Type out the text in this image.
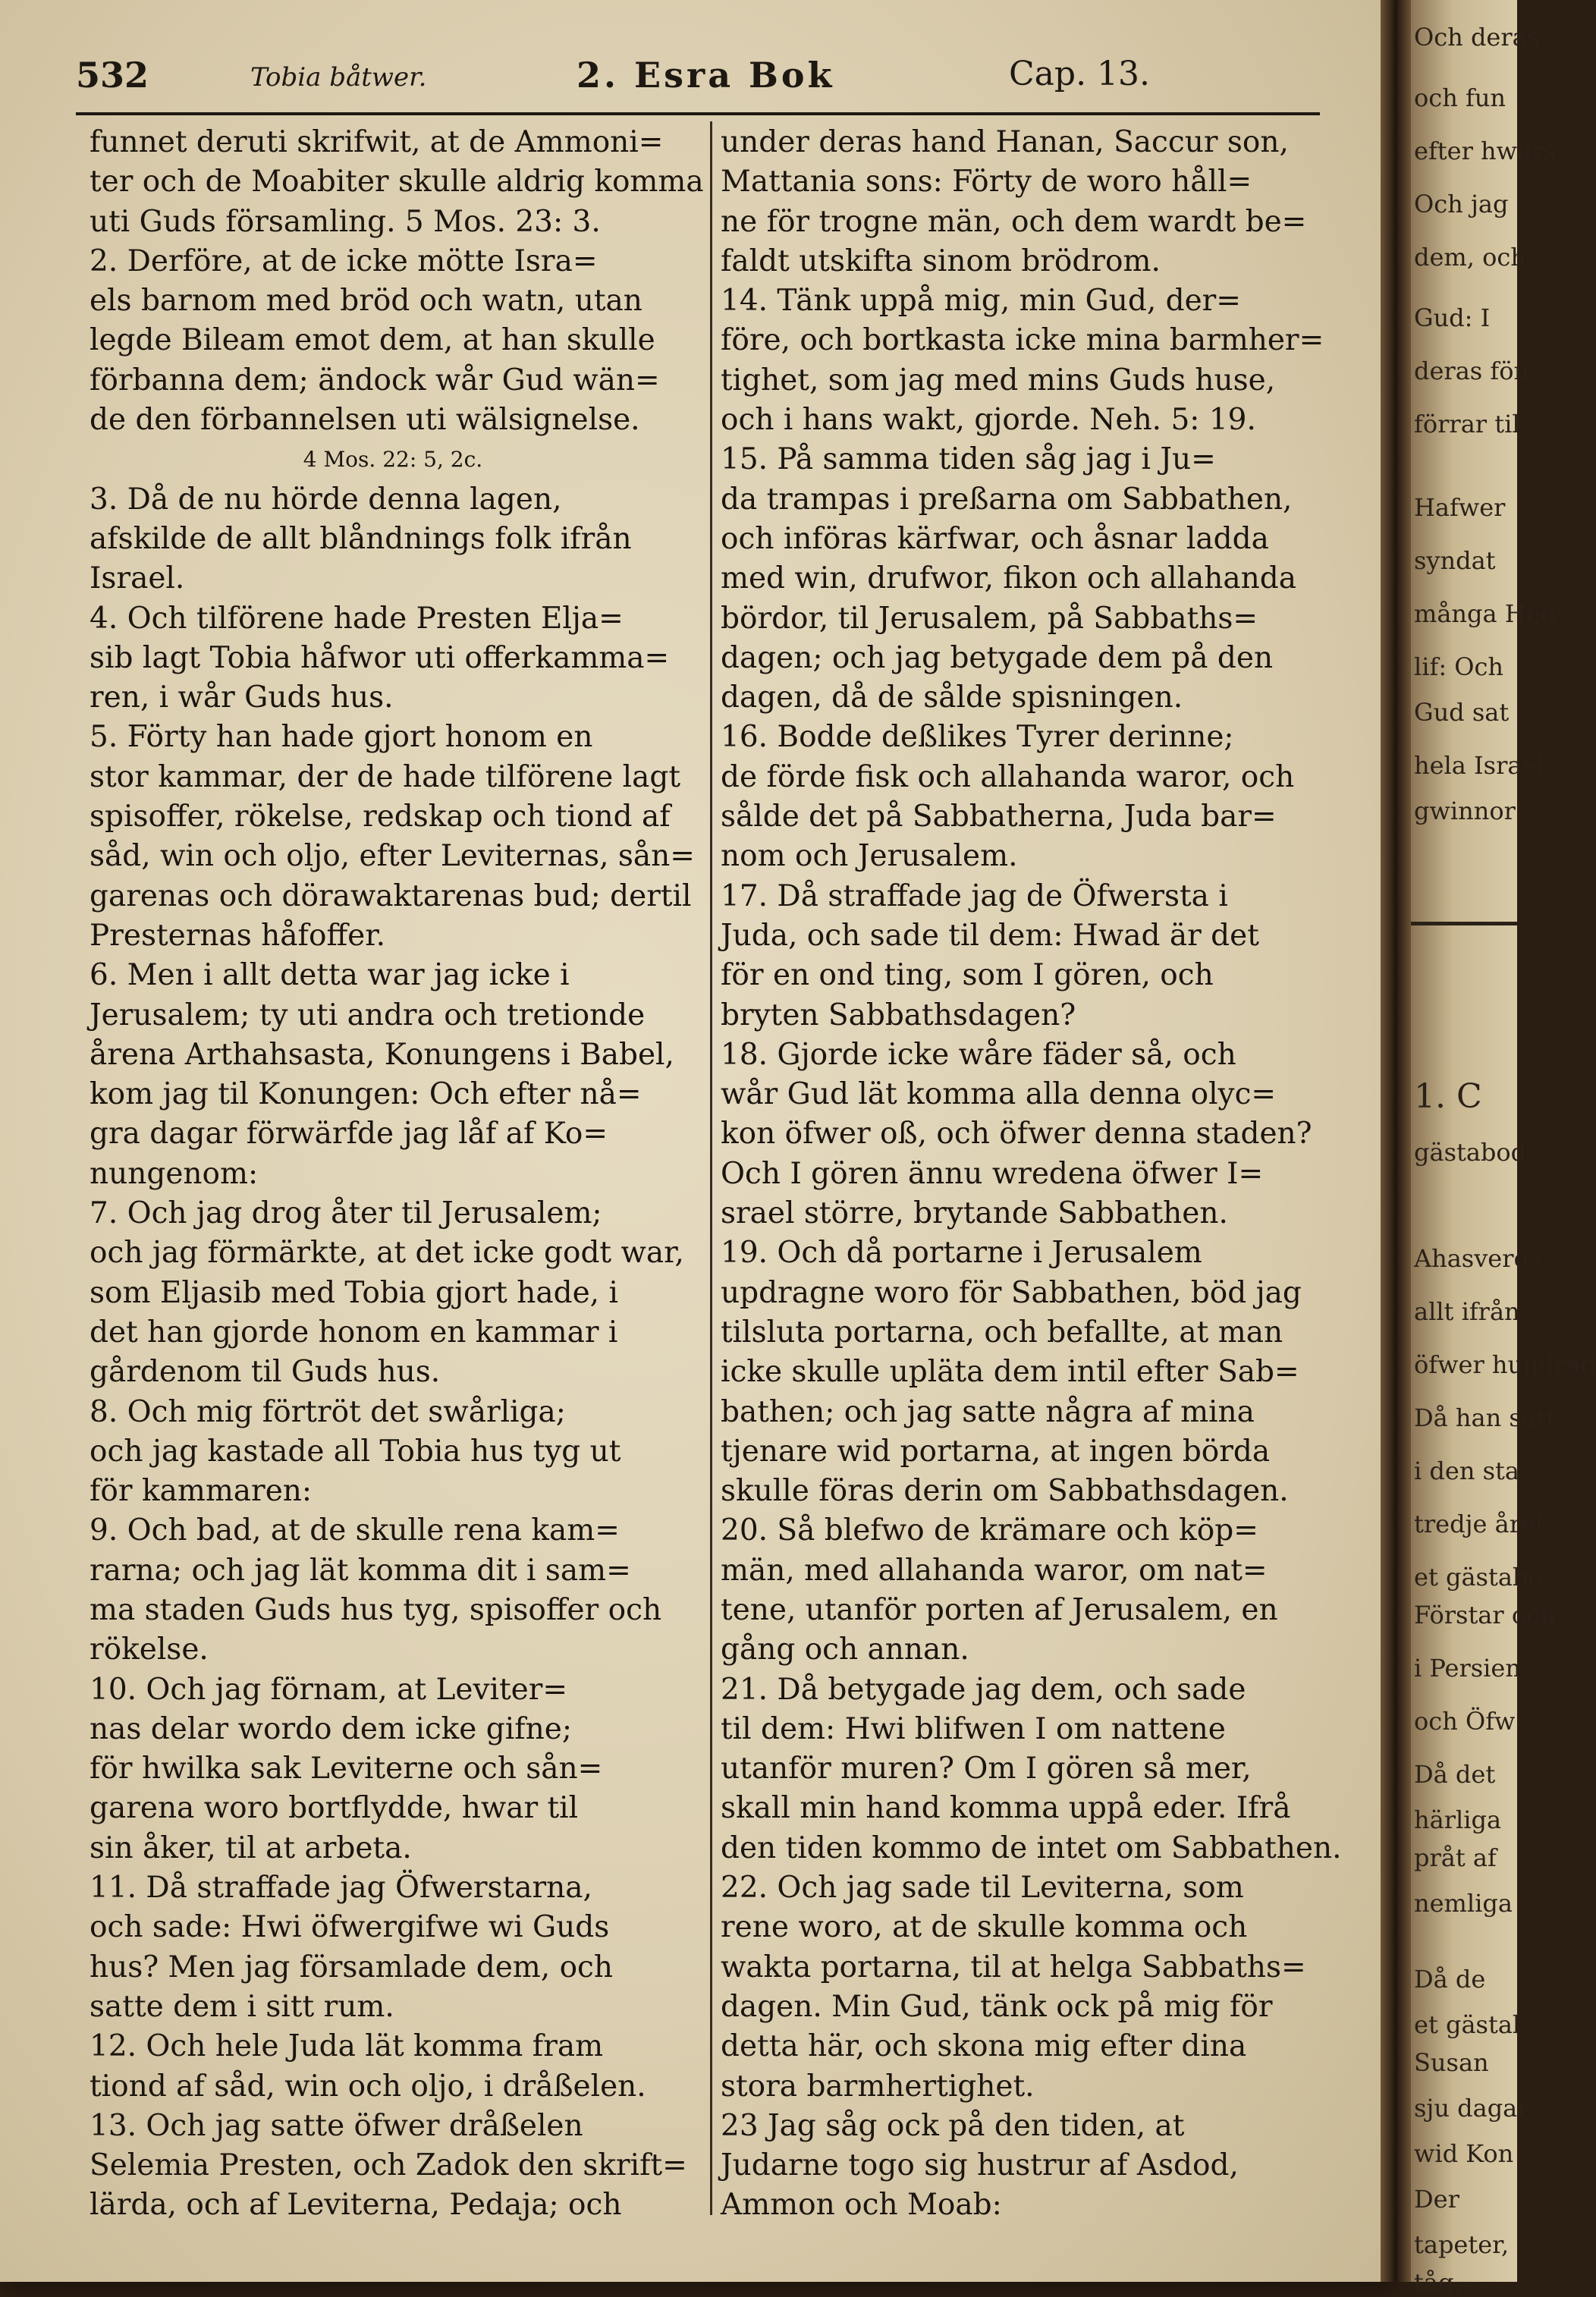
532	Tobia båtwer.	2. Esra Bok	Cap. 13.
funnet deruti skrifwit, at de Ammoni=
ter och de Moabiter skulle aldrig komma
uti Guds församling. 5 Mos. 23: 3.
2. Derföre, at de icke mötte Isra=
els barnom med bröd och watn, utan
legde Bileam emot dem, at han skulle
förbanna dem; ändock wår Gud wän=
de den förbannelsen uti wälsignelse.
4 Mos. 22: 5, 2c.
3. Då de nu hörde denna lagen,
afskilde de allt blåndnings folk ifrån
Israel.
4. Och tilförene hade Presten Elja=
sib lagt Tobia håfwor uti offerkamma=
ren, i wår Guds hus.
5. Förty han hade gjort honom en
stor kammar, der de hade tilförene lagt
spisoffer, rökelse, redskap och tiond af
såd, win och oljo, efter Leviternas, sån=
garenas och dörawaktarenas bud; dertil
Presternas håfoffer.
6. Men i allt detta war jag icke i
Jerusalem; ty uti andra och tretionde
årena Arthahsasta, Konungens i Babel,
kom jag til Konungen: Och efter nå=
gra dagar förwärfde jag låf af Ko=
nungenom:
7. Och jag drog åter til Jerusalem;
och jag förmärkte, at det icke godt war,
som Eljasib med Tobia gjort hade, i
det han gjorde honom en kammar i
gårdenom til Guds hus.
8. Och mig förtröt det swårliga;
och jag kastade all Tobia hus tyg ut
för kammaren:
9. Och bad, at de skulle rena kam=
rarna; och jag lät komma dit i sam=
ma staden Guds hus tyg, spisoffer och
rökelse.
10. Och jag förnam, at Leviter=
nas delar wordo dem icke gifne;
för hwilka sak Leviterne och sån=
garena woro bortflydde, hwar til
sin åker, til at arbeta.
11. Då straffade jag Öfwerstarna,
och sade: Hwi öfwergifwe wi Guds
hus? Men jag församlade dem, och
satte dem i sitt rum.
12. Och hele Juda lät komma fram
tiond af såd, win och oljo, i dråßelen.
13. Och jag satte öfwer dråßelen
Selemia Presten, och Zadok den skrift=
lärda, och af Leviterna, Pedaja; och
under deras hand Hanan, Saccur son,
Mattania sons: Förty de woro håll=
ne för trogne män, och dem wardt be=
faldt utskifta sinom brödrom.
14. Tänk uppå mig, min Gud, der=
före, och bortkasta icke mina barmher=
tighet, som jag med mins Guds huse,
och i hans wakt, gjorde. Neh. 5: 19.
15. På samma tiden såg jag i Ju=
da trampas i preßarna om Sabbathen,
och införas kärfwar, och åsnar ladda
med win, drufwor, fikon och allahanda
bördor, til Jerusalem, på Sabbaths=
dagen; och jag betygade dem på den
dagen, då de sålde spisningen.
16. Bodde deßlikes Tyrer derinne;
de förde fisk och allahanda waror, och
sålde det på Sabbatherna, Juda bar=
nom och Jerusalem.
17. Då straffade jag de Öfwersta i
Juda, och sade til dem: Hwad är det
för en ond ting, som I gören, och
bryten Sabbathsdagen?
18. Gjorde icke wåre fäder så, och
wår Gud lät komma alla denna olyc=
kon öfwer oß, och öfwer denna staden?
Och I gören ännu wredena öfwer I=
srael större, brytande Sabbathen.
19. Och då portarne i Jerusalem
updragne woro för Sabbathen, böd jag
tilsluta portarna, och befallte, at man
icke skulle upläta dem intil efter Sab=
bathen; och jag satte några af mina
tjenare wid portarna, at ingen börda
skulle föras derin om Sabbathsdagen.
20. Så blefwo de krämare och köp=
män, med allahanda waror, om nat=
tene, utanför porten af Jerusalem, en
gång och annan.
21. Då betygade jag dem, och sade
til dem: Hwi blifwen I om nattene
utanför muren? Om I gören så mer,
skall min hand komma uppå eder. Ifrå
den tiden kommo de intet om Sabbathen.
22. Och jag sade til Leviterna, som
rene woro, at de skulle komma och
wakta portarna, til at helga Sabbaths=
dagen. Min Gud, tänk ock på mig för
detta här, och skona mig efter dina
stora barmhertighet.
23 Jag såg ock på den tiden, at
Judarne togo sig hustrur af Asdod,
Ammon och Moab:
Och deras
och fun
efter hwars
Och jag
dem, och
Gud: I
deras fön
förrar til
Hafwer
syndat
många Hed
lif: Och
Gud sat
hela Israel
gwinnor
1. C
gästabod.
Ahasveros
allt ifrån
öfwer hundrad
Då han satt
i den sta
tredje året
et gästabo
Förstar och
i Persien
och Öfw
Då det
härliga
pråt af
nemliga
Då de
et gästal
Susan
sju dagar,
wid Kon
Der
tapeter,
tåg,
